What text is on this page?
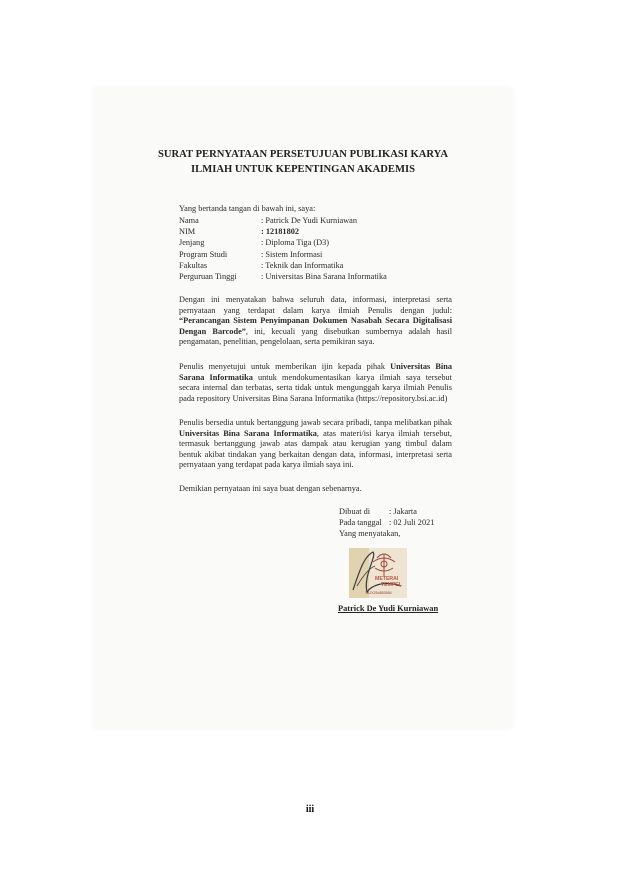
SURAT PERNYATAAN PERSETUJUAN PUBLIKASI KARYA
ILMIAH UNTUK KEPENTINGAN AKADEMIS
Yang bertanda tangan di bawah ini, saya:
Nama	: Patrick De Yudi Kurniawan
NIM	: 12181802
Jenjang	: Diploma Tiga (D3)
Program Studi	: Sistem Informasi
Fakultas	: Teknik dan Informatika
Perguruan Tinggi	: Universitas Bina Sarana Informatika
Dengan ini menyatakan bahwa seluruh data, informasi, interpretasi serta pernyataan yang terdapat dalam karya ilmiah Penulis dengan judul: “Perancangan Sistem Penyimpanan Dokumen Nasabah Secara Digitalisasi Dengan Barcode”, ini, kecuali yang disebutkan sumbernya adalah hasil pengamatan, penelitian, pengelolaan, serta pemikiran saya.
Penulis menyetujui untuk memberikan ijin kepada pihak Universitas Bina Sarana Informatika untuk mendokumentasikan karya ilmiah saya tersebut secara internal dan terbatas, serta tidak untuk mengunggah karya ilmiah Penulis pada repository Universitas Bina Sarana Informatika (https://repository.bsi.ac.id)
Penulis bersedia untuk bertanggung jawab secara pribadi, tanpa melibatkan pihak Universitas Bina Sarana Informatika, atas materi/isi karya ilmiah tersebut, termasuk bertanggung jawab atas dampak atau kerugian yang timbul dalam bentuk akibat tindakan yang berkaitan dengan data, informasi, interpretasi serta pernyataan yang terdapat pada karya ilmiah saya ini.
Demikian pernyataan ini saya buat dengan sebenarnya.
Dibuat di	: Jakarta
Pada tanggal : 02 Juli 2021
Yang menyatakan,
METERAI
TEMPEL
7AJX254853584
Patrick De Yudi Kurniawan
iii
